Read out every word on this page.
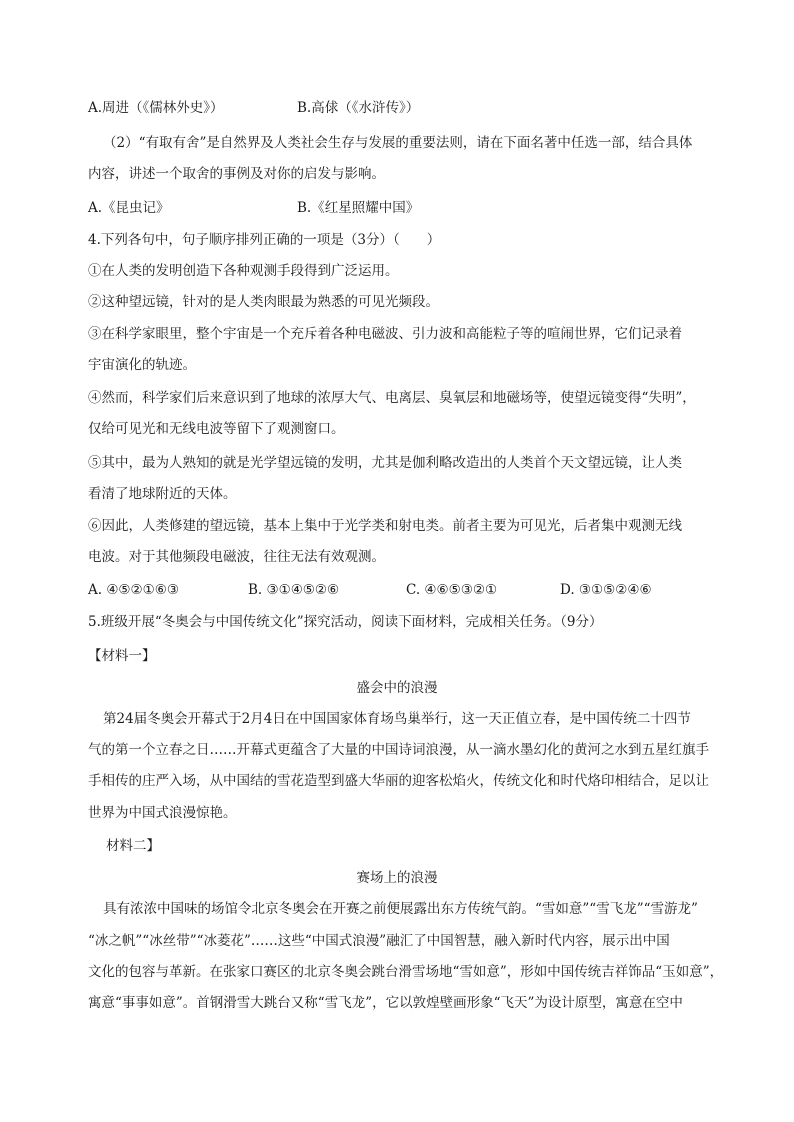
A.周进（《儒林外史》）	B.高俅（《水浒传》）
（2）“有取有舍”是自然界及人类社会生存与发展的重要法则，请在下面名著中任选一部，结合具体
内容，讲述一个取舍的事例及对你的启发与影响。
A.《昆虫记》	B.《红星照耀中国》
4.下列各句中，句子顺序排列正确的一项是（3分）（　　）
①在人类的发明创造下各种观测手段得到广泛运用。
②这种望远镜，针对的是人类肉眼最为熟悉的可见光频段。
③在科学家眼里，整个宇宙是一个充斥着各种电磁波、引力波和高能粒子等的喧闹世界，它们记录着
宇宙演化的轨迹。
④然而，科学家们后来意识到了地球的浓厚大气、电离层、臭氧层和地磁场等，使望远镜变得“失明”，
仅给可见光和无线电波等留下了观测窗口。
⑤其中，最为人熟知的就是光学望远镜的发明，尤其是伽利略改造出的人类首个天文望远镜，让人类
看清了地球附近的天体。
⑥因此，人类修建的望远镜，基本上集中于光学类和射电类。前者主要为可见光，后者集中观测无线
电波。对于其他频段电磁波，往往无法有效观测。
A. ④⑤②①⑥③	B. ③①④⑤②⑥	C. ④⑥⑤③②①	D. ③①⑤②④⑥
5.班级开展“冬奥会与中国传统文化”探究活动，阅读下面材料，完成相关任务。（9分）
【材料一】
盛会中的浪漫
第24届冬奥会开幕式于2月4日在中国国家体育场鸟巢举行，这一天正值立春，是中国传统二十四节
气的第一个立春之日……开幕式更蕴含了大量的中国诗词浪漫，从一滴水墨幻化的黄河之水到五星红旗手
手相传的庄严入场，从中国结的雪花造型到盛大华丽的迎客松焰火，传统文化和时代烙印相结合，足以让
世界为中国式浪漫惊艳。
材料二】
赛场上的浪漫
具有浓浓中国味的场馆令北京冬奥会在开赛之前便展露出东方传统气韵。“雪如意”“雪飞龙”“雪游龙”
“冰之帆”“冰丝带”“冰菱花”……这些“中国式浪漫”融汇了中国智慧，融入新时代内容，展示出中国
文化的包容与革新。在张家口赛区的北京冬奥会跳台滑雪场地“雪如意”，形如中国传统吉祥饰品“玉如意”，
寓意“事事如意”。首钢滑雪大跳台又称“雪飞龙”，它以敦煌壁画形象“飞天”为设计原型，寓意在空中
